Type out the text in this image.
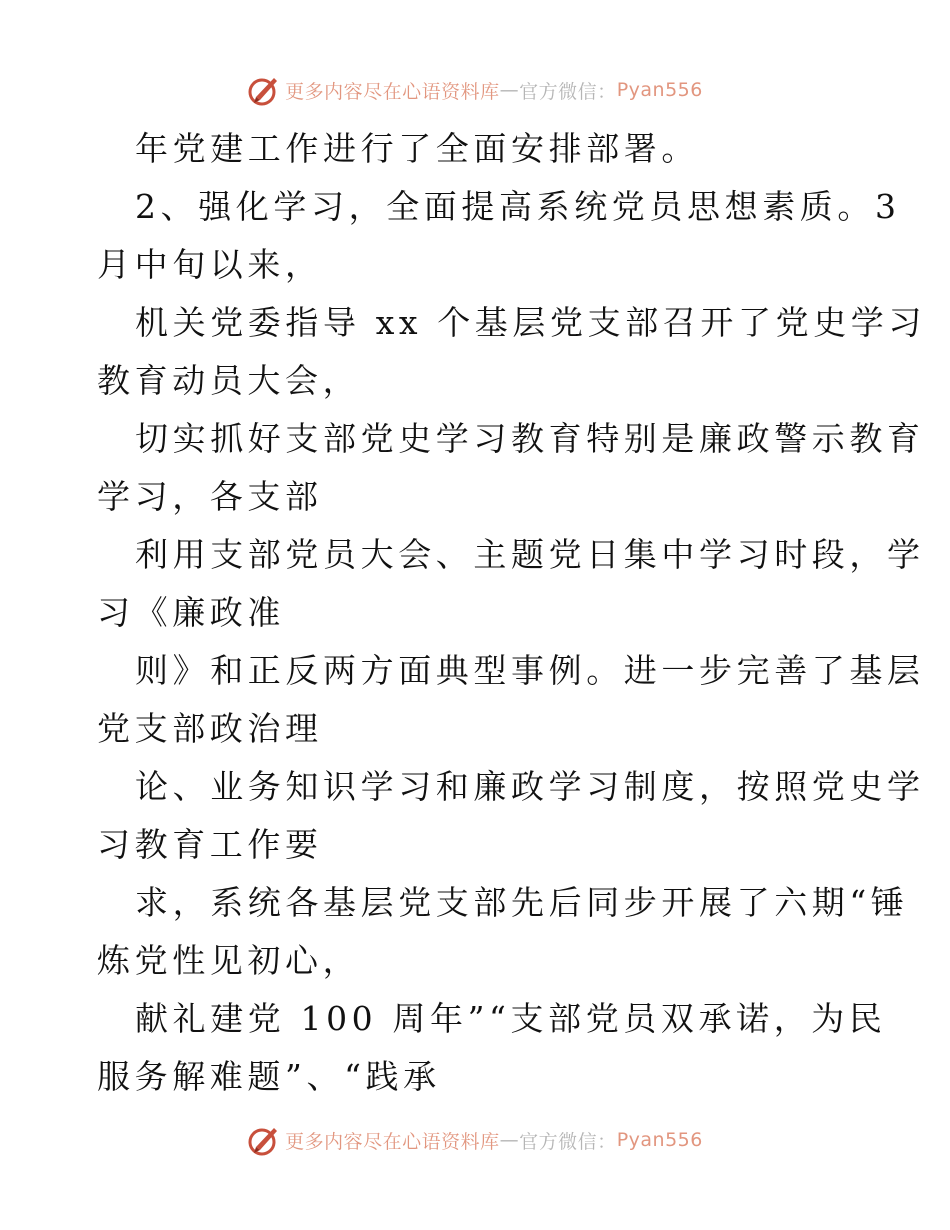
更多内容尽在心语资料库 — 官方微信： Pyan556

年党建工作进行了全面安排部署。

2、强化学习，全面提高系统党员思想素质。3

月中旬以来，

机关党委指导 xx 个基层党支部召开了党史学习

教育动员大会，

切实抓好支部党史学习教育特别是廉政警示教育

学习，各支部

利用支部党员大会、主题党日集中学习时段，学

习《廉政准

则》和正反两方面典型事例。进一步完善了基层

党支部政治理

论、业务知识学习和廉政学习制度，按照党史学

习教育工作要

求，系统各基层党支部先后同步开展了六期“锤

炼党性见初心，

献礼建党 100 周年”“支部党员双承诺，为民

服务解难题”、“践承

更多内容尽在心语资料库 — 官方微信： Pyan556
